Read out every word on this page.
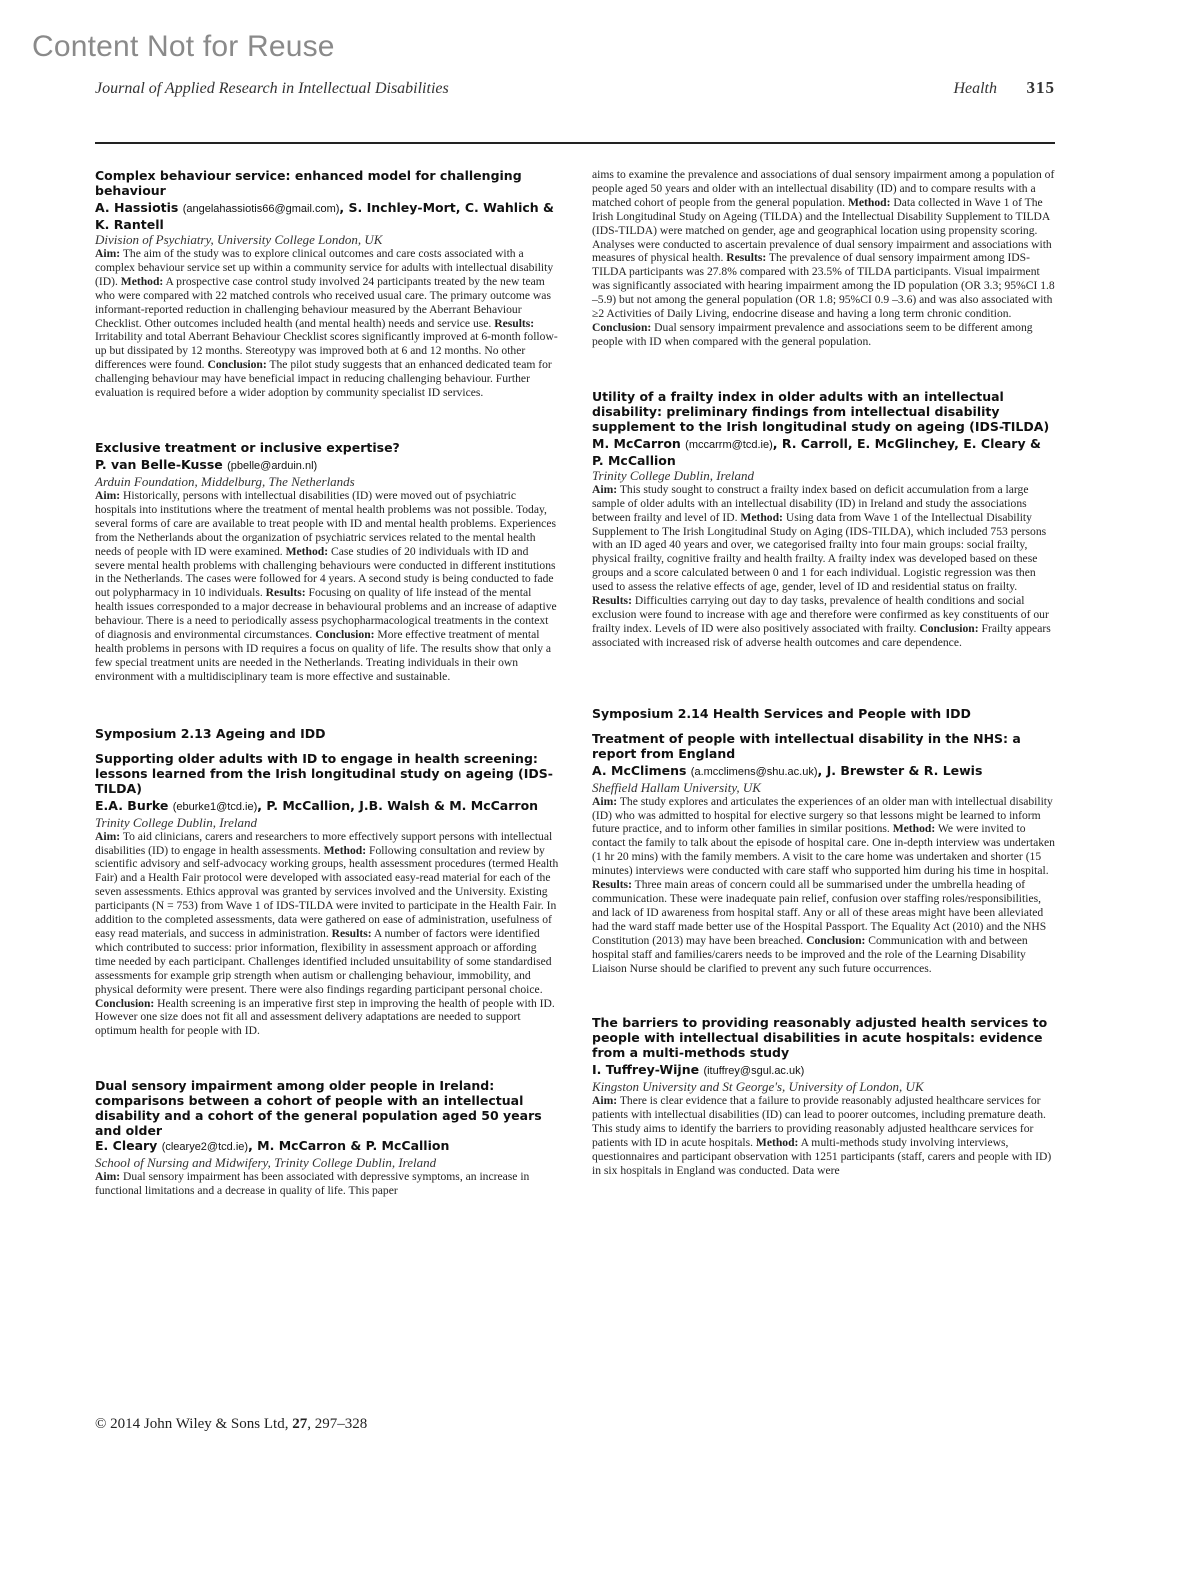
Content Not for Reuse
Journal of Applied Research in Intellectual Disabilities	Health 315

Complex behaviour service: enhanced model for challenging behaviour

A. Hassiotis (angelahassiotis66@gmail.com), S. Inchley-Mort, C. Wahlich & K. Rantell

Division of Psychiatry, University College London, UK

Aim: The aim of the study was to explore clinical outcomes and care costs associated with a complex behaviour service set up within a community service for adults with intellectual disability (ID). Method: A prospective case control study involved 24 participants treated by the new team who were compared with 22 matched controls who received usual care. The primary outcome was informant-reported reduction in challenging behaviour measured by the Aberrant Behaviour Checklist. Other outcomes included health (and mental health) needs and service use. Results: Irritability and total Aberrant Behaviour Checklist scores significantly improved at 6-month follow-up but dissipated by 12 months. Stereotypy was improved both at 6 and 12 months. No other differences were found. Conclusion: The pilot study suggests that an enhanced dedicated team for challenging behaviour may have beneficial impact in reducing challenging behaviour. Further evaluation is required before a wider adoption by community specialist ID services.

Exclusive treatment or inclusive expertise?

P. van Belle-Kusse (pbelle@arduin.nl)

Arduin Foundation, Middelburg, The Netherlands

Aim: Historically, persons with intellectual disabilities (ID) were moved out of psychiatric hospitals into institutions where the treatment of mental health problems was not possible. Today, several forms of care are available to treat people with ID and mental health problems. Experiences from the Netherlands about the organization of psychiatric services related to the mental health needs of people with ID were examined. Method: Case studies of 20 individuals with ID and severe mental health problems with challenging behaviours were conducted in different institutions in the Netherlands. The cases were followed for 4 years. A second study is being conducted to fade out polypharmacy in 10 individuals. Results: Focusing on quality of life instead of the mental health issues corresponded to a major decrease in behavioural problems and an increase of adaptive behaviour. There is a need to periodically assess psychopharmacological treatments in the context of diagnosis and environmental circumstances. Conclusion: More effective treatment of mental health problems in persons with ID requires a focus on quality of life. The results show that only a few special treatment units are needed in the Netherlands. Treating individuals in their own environment with a multidisciplinary team is more effective and sustainable.

Symposium 2.13 Ageing and IDD

Supporting older adults with ID to engage in health screening: lessons learned from the Irish longitudinal study on ageing (IDS-TILDA)

E.A. Burke (eburke1@tcd.ie), P. McCallion, J.B. Walsh & M. McCarron

Trinity College Dublin, Ireland

Aim: To aid clinicians, carers and researchers to more effectively support persons with intellectual disabilities (ID) to engage in health assessments. Method: Following consultation and review by scientific advisory and self-advocacy working groups, health assessment procedures (termed Health Fair) and a Health Fair protocol were developed with associated easy-read material for each of the seven assessments. Ethics approval was granted by services involved and the University. Existing participants (N = 753) from Wave 1 of IDS-TILDA were invited to participate in the Health Fair. In addition to the completed assessments, data were gathered on ease of administration, usefulness of easy read materials, and success in administration. Results: A number of factors were identified which contributed to success: prior information, flexibility in assessment approach or affording time needed by each participant. Challenges identified included unsuitability of some standardised assessments for example grip strength when autism or challenging behaviour, immobility, and physical deformity were present. There were also findings regarding participant personal choice. Conclusion: Health screening is an imperative first step in improving the health of people with ID. However one size does not fit all and assessment delivery adaptations are needed to support optimum health for people with ID.

Dual sensory impairment among older people in Ireland: comparisons between a cohort of people with an intellectual disability and a cohort of the general population aged 50 years and older

E. Cleary (clearye2@tcd.ie), M. McCarron & P. McCallion

School of Nursing and Midwifery, Trinity College Dublin, Ireland

Aim: Dual sensory impairment has been associated with depressive symptoms, an increase in functional limitations and a decrease in quality of life. This paper

aims to examine the prevalence and associations of dual sensory impairment among a population of people aged 50 years and older with an intellectual disability (ID) and to compare results with a matched cohort of people from the general population. Method: Data collected in Wave 1 of The Irish Longitudinal Study on Ageing (TILDA) and the Intellectual Disability Supplement to TILDA (IDS-TILDA) were matched on gender, age and geographical location using propensity scoring. Analyses were conducted to ascertain prevalence of dual sensory impairment and associations with measures of physical health. Results: The prevalence of dual sensory impairment among IDS-TILDA participants was 27.8% compared with 23.5% of TILDA participants. Visual impairment was significantly associated with hearing impairment among the ID population (OR 3.3; 95%CI 1.8 –5.9) but not among the general population (OR 1.8; 95%CI 0.9 –3.6) and was also associated with ≥2 Activities of Daily Living, endocrine disease and having a long term chronic condition. Conclusion: Dual sensory impairment prevalence and associations seem to be different among people with ID when compared with the general population.

Utility of a frailty index in older adults with an intellectual disability: preliminary findings from intellectual disability supplement to the Irish longitudinal study on ageing (IDS-TILDA)

M. McCarron (mccarrm@tcd.ie), R. Carroll, E. McGlinchey, E. Cleary & P. McCallion

Trinity College Dublin, Ireland

Aim: This study sought to construct a frailty index based on deficit accumulation from a large sample of older adults with an intellectual disability (ID) in Ireland and study the associations between frailty and level of ID. Method: Using data from Wave 1 of the Intellectual Disability Supplement to The Irish Longitudinal Study on Aging (IDS-TILDA), which included 753 persons with an ID aged 40 years and over, we categorised frailty into four main groups: social frailty, physical frailty, cognitive frailty and health frailty. A frailty index was developed based on these groups and a score calculated between 0 and 1 for each individual. Logistic regression was then used to assess the relative effects of age, gender, level of ID and residential status on frailty. Results: Difficulties carrying out day to day tasks, prevalence of health conditions and social exclusion were found to increase with age and therefore were confirmed as key constituents of our frailty index. Levels of ID were also positively associated with frailty. Conclusion: Frailty appears associated with increased risk of adverse health outcomes and care dependence.

Symposium 2.14 Health Services and People with IDD

Treatment of people with intellectual disability in the NHS: a report from England

A. McClimens (a.mcclimens@shu.ac.uk), J. Brewster & R. Lewis

Sheffield Hallam University, UK

Aim: The study explores and articulates the experiences of an older man with intellectual disability (ID) who was admitted to hospital for elective surgery so that lessons might be learned to inform future practice, and to inform other families in similar positions. Method: We were invited to contact the family to talk about the episode of hospital care. One in-depth interview was undertaken (1 hr 20 mins) with the family members. A visit to the care home was undertaken and shorter (15 minutes) interviews were conducted with care staff who supported him during his time in hospital. Results: Three main areas of concern could all be summarised under the umbrella heading of communication. These were inadequate pain relief, confusion over staffing roles/responsibilities, and lack of ID awareness from hospital staff. Any or all of these areas might have been alleviated had the ward staff made better use of the Hospital Passport. The Equality Act (2010) and the NHS Constitution (2013) may have been breached. Conclusion: Communication with and between hospital staff and families/carers needs to be improved and the role of the Learning Disability Liaison Nurse should be clarified to prevent any such future occurrences.

The barriers to providing reasonably adjusted health services to people with intellectual disabilities in acute hospitals: evidence from a multi-methods study

I. Tuffrey-Wijne (ituffrey@sgul.ac.uk)

Kingston University and St George's, University of London, UK

Aim: There is clear evidence that a failure to provide reasonably adjusted healthcare services for patients with intellectual disabilities (ID) can lead to poorer outcomes, including premature death. This study aims to identify the barriers to providing reasonably adjusted healthcare services for patients with ID in acute hospitals. Method: A multi-methods study involving interviews, questionnaires and participant observation with 1251 participants (staff, carers and people with ID) in six hospitals in England was conducted. Data were

© 2014 John Wiley & Sons Ltd, 27, 297–328
